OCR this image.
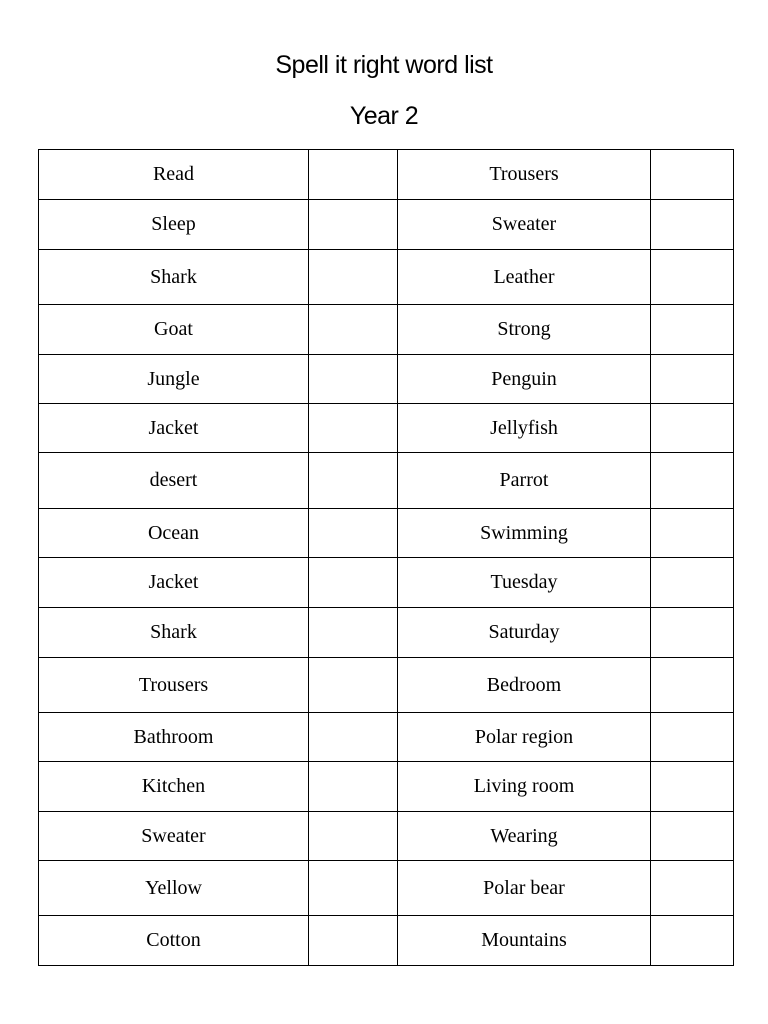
Spell it right word list
Year 2
Read		Trousers	
Sleep		Sweater	
Shark		Leather	
Goat		Strong	
Jungle		Penguin	
Jacket		Jellyfish	
desert		Parrot	
Ocean		Swimming	
Jacket		Tuesday	
Shark		Saturday	
Trousers		Bedroom	
Bathroom		Polar region	
Kitchen		Living room	
Sweater		Wearing	
Yellow		Polar bear	
Cotton		Mountains	
